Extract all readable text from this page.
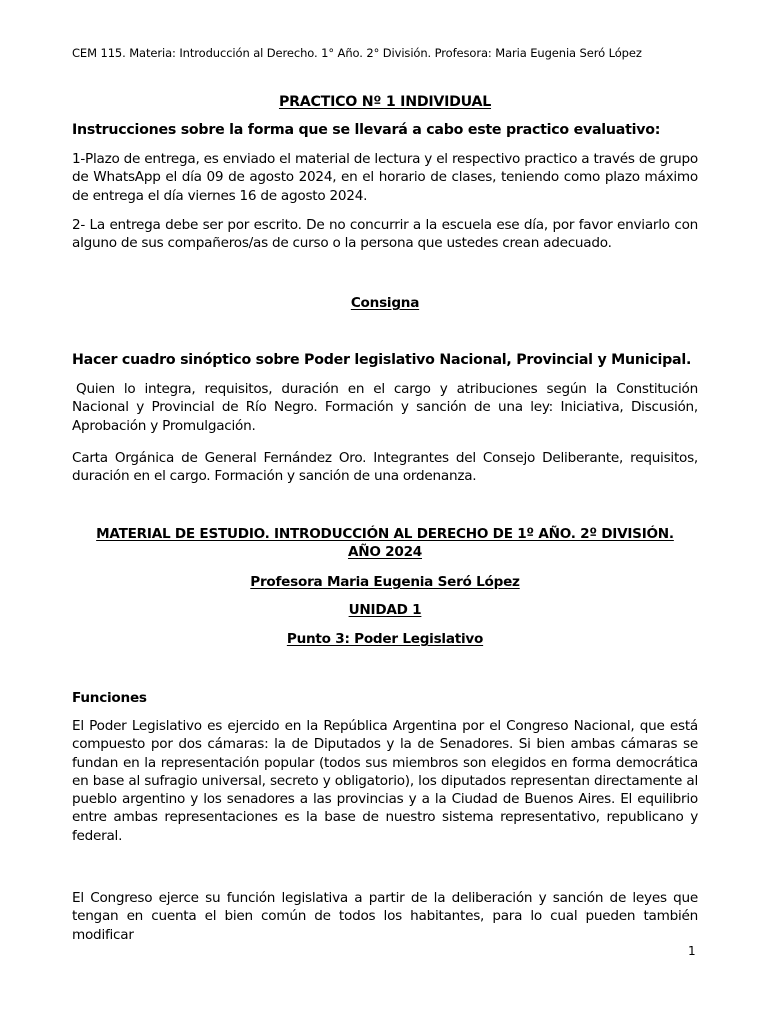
CEM 115. Materia: Introducción al Derecho. 1° Año. 2° División. Profesora: Maria Eugenia Seró López
PRACTICO Nº 1 INDIVIDUAL
Instrucciones sobre la forma que se llevará a cabo este practico evaluativo:
1-Plazo de entrega, es enviado el material de lectura y el respectivo practico a través de grupo de WhatsApp el día 09 de agosto 2024, en el horario de clases, teniendo como plazo máximo de entrega el día viernes 16 de agosto 2024.
2- La entrega debe ser por escrito. De no concurrir a la escuela ese día, por favor enviarlo con alguno de sus compañeros/as de curso o la persona que ustedes crean adecuado.
Consigna
Hacer cuadro sinóptico sobre Poder legislativo Nacional, Provincial y Municipal.
Quien lo integra, requisitos, duración en el cargo y atribuciones según la Constitución Nacional y Provincial de Río Negro. Formación y sanción de una ley: Iniciativa, Discusión, Aprobación y Promulgación.
Carta Orgánica de General Fernández Oro. Integrantes del Consejo Deliberante, requisitos, duración en el cargo. Formación y sanción de una ordenanza.
MATERIAL DE ESTUDIO. INTRODUCCIÓN AL DERECHO DE 1º AÑO. 2º DIVISIÓN. AÑO 2024
Profesora Maria Eugenia Seró López
UNIDAD 1
Punto 3: Poder Legislativo
Funciones
El Poder Legislativo es ejercido en la República Argentina por el Congreso Nacional, que está compuesto por dos cámaras: la de Diputados y la de Senadores. Si bien ambas cámaras se fundan en la representación popular (todos sus miembros son elegidos en forma democrática en base al sufragio universal, secreto y obligatorio), los diputados representan directamente al pueblo argentino y los senadores a las provincias y a la Ciudad de Buenos Aires. El equilibrio entre ambas representaciones es la base de nuestro sistema representativo, republicano y federal.
El Congreso ejerce su función legislativa a partir de la deliberación y sanción de leyes que tengan en cuenta el bien común de todos los habitantes, para lo cual pueden también modificar
1
